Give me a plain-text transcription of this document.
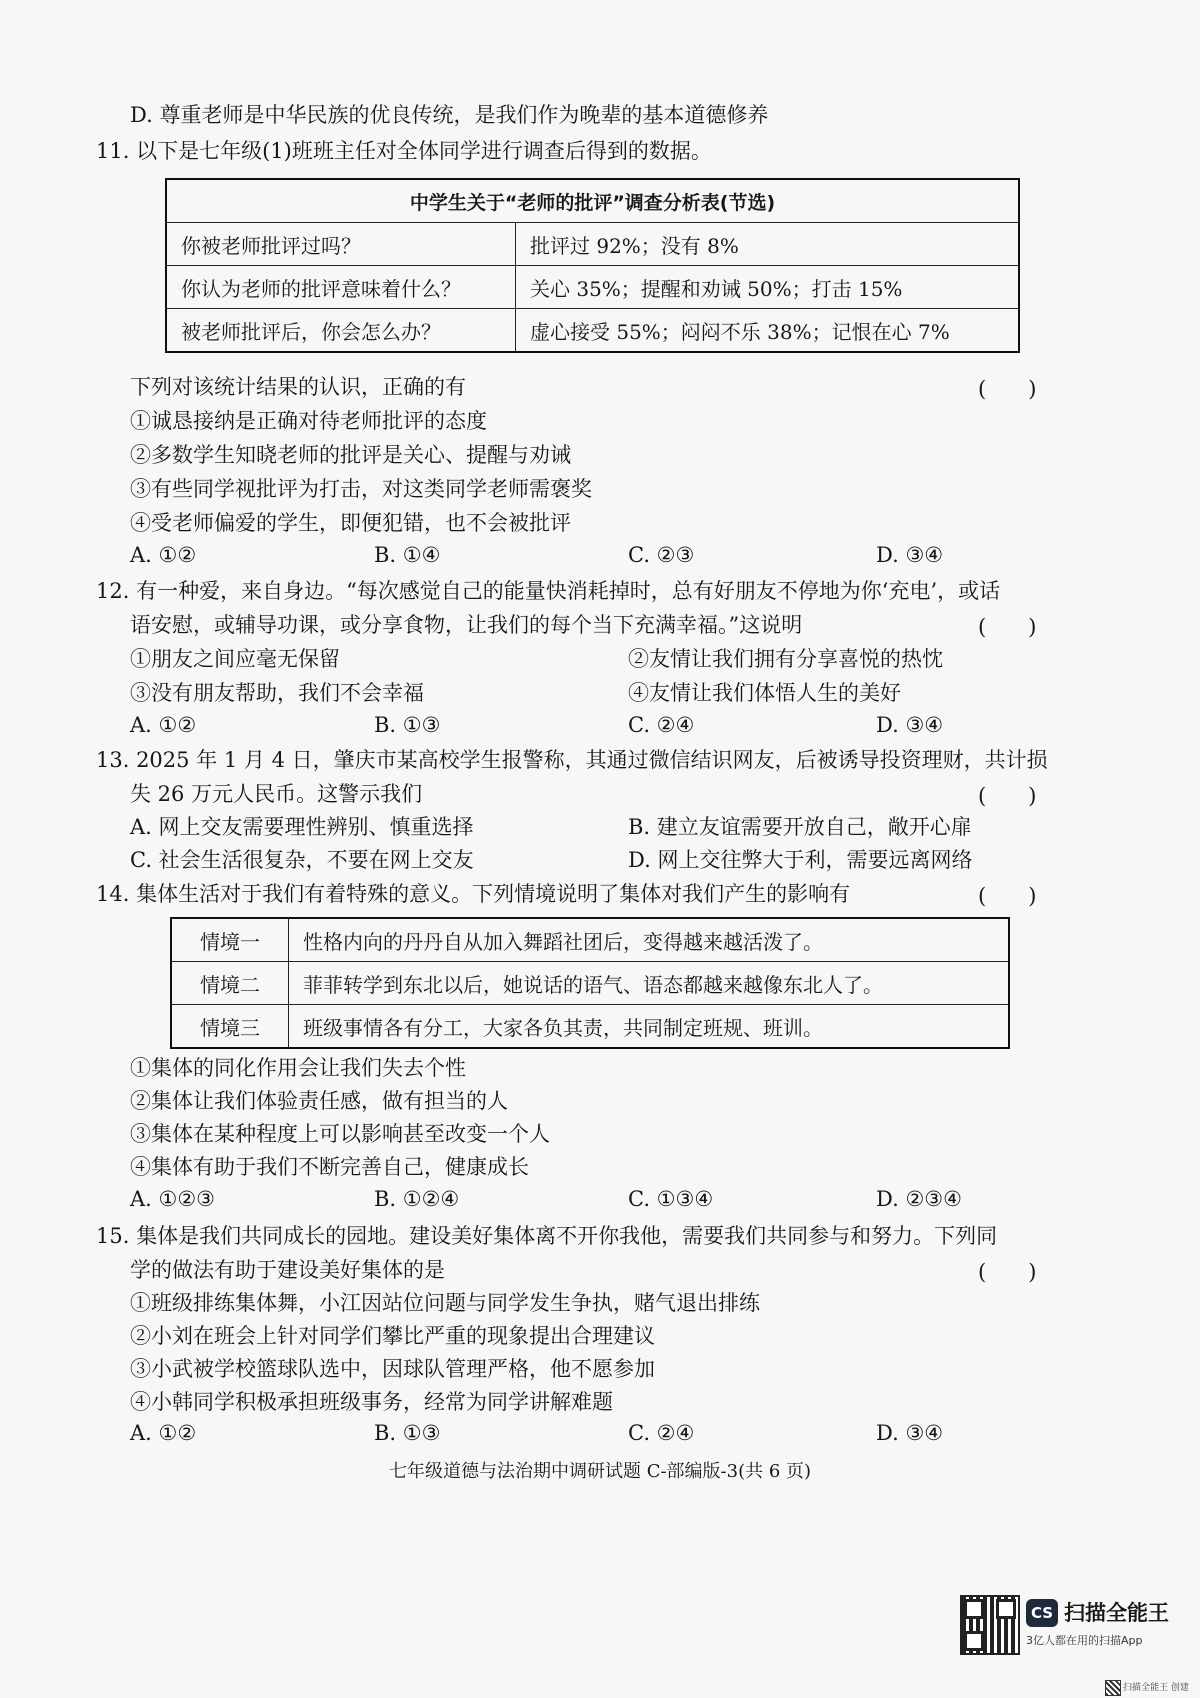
D. 尊重老师是中华民族的优良传统，是我们作为晚辈的基本道德修养
11. 以下是七年级(1)班班主任对全体同学进行调查后得到的数据。
中学生关于“老师的批评”调查分析表(节选)	
你被老师批评过吗？	批评过 92%；没有 8%
你认为老师的批评意味着什么？	关心 35%；提醒和劝诫 50%；打击 15%
被老师批评后，你会怎么办？	虚心接受 55%；闷闷不乐 38%；记恨在心 7%
下列对该统计结果的认识，正确的有	(　　)
①诚恳接纳是正确对待老师批评的态度
②多数学生知晓老师的批评是关心、提醒与劝诫
③有些同学视批评为打击，对这类同学老师需褒奖
④受老师偏爱的学生，即便犯错，也不会被批评
A. ①②	B. ①④	C. ②③	D. ③④
12. 有一种爱，来自身边。“每次感觉自己的能量快消耗掉时，总有好朋友不停地为你‘充电’，或话
语安慰，或辅导功课，或分享食物，让我们的每个当下充满幸福。”这说明	(　　)
①朋友之间应毫无保留	②友情让我们拥有分享喜悦的热忱
③没有朋友帮助，我们不会幸福	④友情让我们体悟人生的美好
A. ①②	B. ①③	C. ②④	D. ③④
13. 2025 年 1 月 4 日，肇庆市某高校学生报警称，其通过微信结识网友，后被诱导投资理财，共计损
失 26 万元人民币。这警示我们	(　　)
A. 网上交友需要理性辨别、慎重选择	B. 建立友谊需要开放自己，敞开心扉
C. 社会生活很复杂，不要在网上交友	D. 网上交往弊大于利，需要远离网络
14. 集体生活对于我们有着特殊的意义。下列情境说明了集体对我们产生的影响有	(　　)
情境一	性格内向的丹丹自从加入舞蹈社团后，变得越来越活泼了。
情境二	菲菲转学到东北以后，她说话的语气、语态都越来越像东北人了。
情境三	班级事情各有分工，大家各负其责，共同制定班规、班训。
①集体的同化作用会让我们失去个性
②集体让我们体验责任感，做有担当的人
③集体在某种程度上可以影响甚至改变一个人
④集体有助于我们不断完善自己，健康成长
A. ①②③	B. ①②④	C. ①③④	D. ②③④
15. 集体是我们共同成长的园地。建设美好集体离不开你我他，需要我们共同参与和努力。下列同
学的做法有助于建设美好集体的是	(　　)
①班级排练集体舞，小江因站位问题与同学发生争执，赌气退出排练
②小刘在班会上针对同学们攀比严重的现象提出合理建议
③小武被学校篮球队选中，因球队管理严格，他不愿参加
④小韩同学积极承担班级事务，经常为同学讲解难题
A. ①②	B. ①③	C. ②④	D. ③④
七年级道德与法治期中调研试题 C-部编版-3(共 6 页)
CS 扫描全能王
3亿人都在用的扫描App
扫描全能王 创建
